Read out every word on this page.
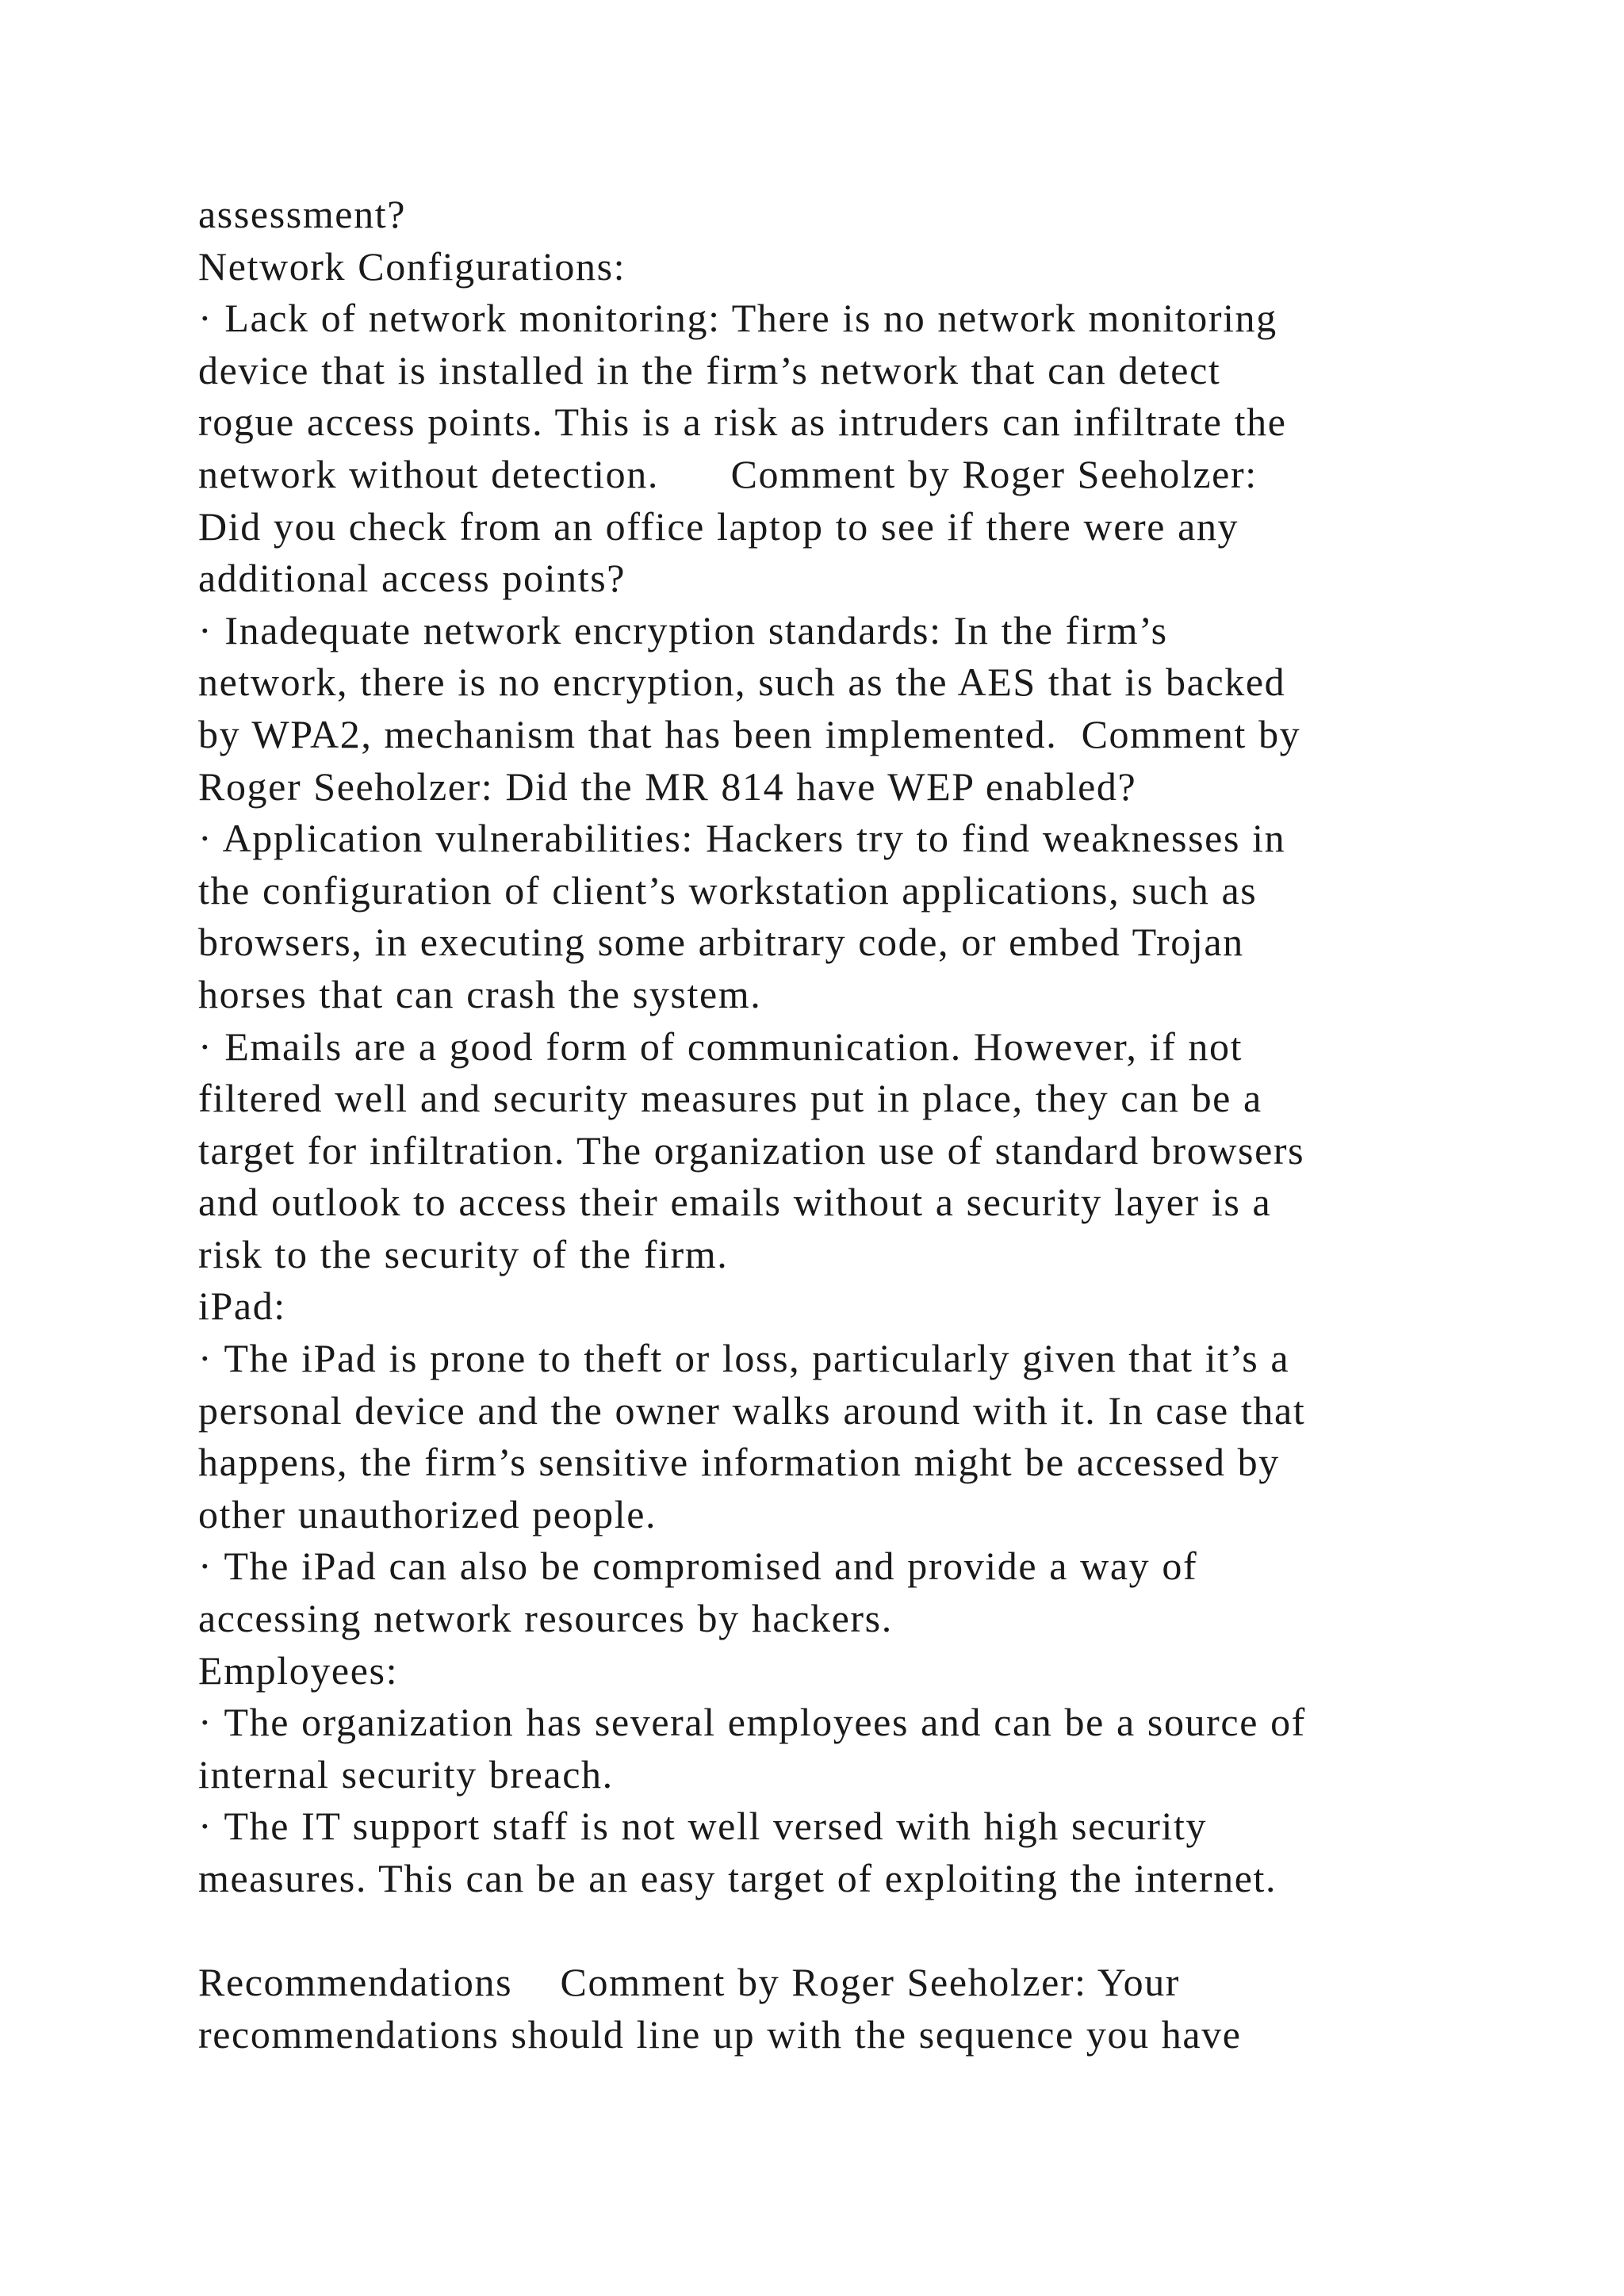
assessment?
Network Configurations:
· Lack of network monitoring: There is no network monitoring
device that is installed in the firm’s network that can detect
rogue access points. This is a risk as intruders can infiltrate the
network without detection.      Comment by Roger Seeholzer:
Did you check from an office laptop to see if there were any
additional access points?
· Inadequate network encryption standards: In the firm’s
network, there is no encryption, such as the AES that is backed
by WPA2, mechanism that has been implemented.  Comment by
Roger Seeholzer: Did the MR 814 have WEP enabled?
· Application vulnerabilities: Hackers try to find weaknesses in
the configuration of client’s workstation applications, such as
browsers, in executing some arbitrary code, or embed Trojan
horses that can crash the system.
· Emails are a good form of communication. However, if not
filtered well and security measures put in place, they can be a
target for infiltration. The organization use of standard browsers
and outlook to access their emails without a security layer is a
risk to the security of the firm.
iPad:
· The iPad is prone to theft or loss, particularly given that it’s a
personal device and the owner walks around with it. In case that
happens, the firm’s sensitive information might be accessed by
other unauthorized people.
· The iPad can also be compromised and provide a way of
accessing network resources by hackers.
Employees:
· The organization has several employees and can be a source of
internal security breach.
· The IT support staff is not well versed with high security
measures. This can be an easy target of exploiting the internet.
Recommendations    Comment by Roger Seeholzer: Your
recommendations should line up with the sequence you have
